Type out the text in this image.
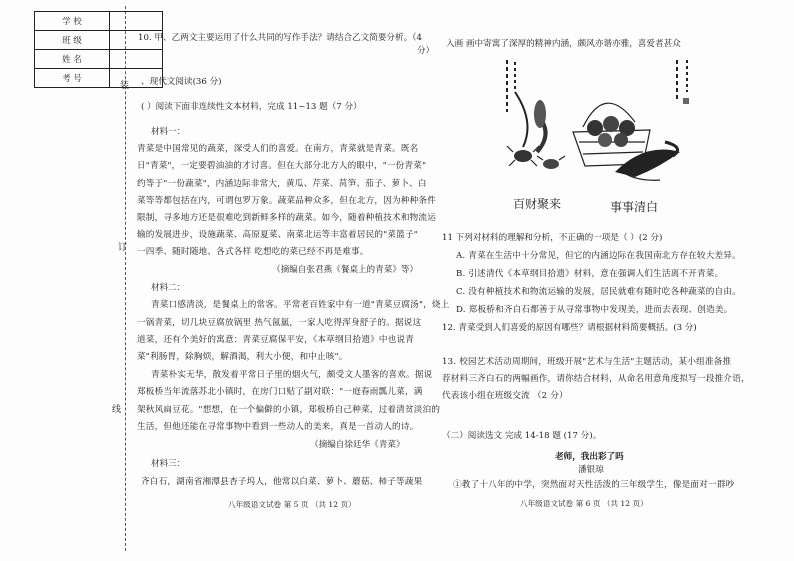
学 校	
班 级	
姓 名	
考 号	
装
订
线
10. 甲、乙两文主要运用了什么共同的写作手法？请结合乙文简要分析。（4
分）
、现代文阅读(36 分)
( ）阅读下面非连续性文本材料，完成 11~13 题（7 分）
材料一：
青菜是中国常见的蔬菜，深受人们的喜爱。在南方，青菜就是青菜。既名
日"青菜"，一定要碧油油的才讨喜。但在大部分北方人的眼中，"一份青菜"
约等于"一份蔬菜"，内涵边际非常大，黄瓜、芹菜、莴笋、茄子、萝卜、白
菜等等都包括在内，可谓包罗万象。蔬菜品种众多，但在北方，因为种种条件
限制，寻多地方还是很难吃到新鲜多样的蔬菜。如今，随着种植技术和物流运
输的发展进步，设施蔬菜、高原夏菜、南菜北运等丰富着居民的"菜篮子"
一四季、随时随地、各式各样 吃想吃的菜已经不再是难事。
（摘编自张君燕《餐桌上的青菜》等）
材料二：
青菜口感清淡，是餐桌上的常客。平常老百姓家中有一道"青菜豆腐汤"，烧上
一锅青菜，切几块豆腐放锅里 热气氤氲，一家人吃得浑身舒子的。据说这
道菜，还有个美好的寓意：青菜豆腐保平安，《本草纲目拾遗》中也说青
菜"利肠胃，除胸烦，解酒渴，利大小便，和中止咳"。
青菜朴实无华，散发着平常日子里的烟火气，颇受文人墨客的喜欢。据说
郑板桥当年流落苏北小镇时，在房门口贴了副对联："一庭春雨瓢儿菜，满
架秋风扁豆花。"想想，在一个偏僻的小镇，郑板桥自己种菜，过着清贫淡泊的
生活，但他还能在寻常事物中看到一些动人的美来，真是一首动人的诗。
（摘编自徐廷华《青菜》
材料三：
齐白石，湖南省湘潭县杏子坞人，他常以白菜、萝卜、蘑菇、柿子等蔬果
八年级语文试卷 第 5 页 （共 12 页）
入画 画中寄寓了深厚的精神内涵，颇风亦谐亦雅，喜爱者甚众
百财聚来	事事清白
11 下列对材料的理解和分析，不正确的一项是（ ）(2 分)
A. 青菜在生活中十分常见，但它的内涵边际在我国南北方存在较大差异。
B. 引述清代《本草纲目拾遗》材料，意在强调人们生活离不开青菜。
C. 没有种植技术和物流运输的发展，居民就难有随时吃各种蔬菜的自由。
D. 郑板桥和齐白石都善于从寻常事物中发现美，进而去表现、创造美。
12. 青菜受到人们喜爱的原因有哪些？请根据材料简要概括。(3 分)
13. 校园艺术活动周期间，班级开展"艺术与生活"主题活动，某小组准备推
荐材料三齐白石的两幅画作，请你结合材料，从命名用意角度拟写一段推介语，
代表该小组在班级交流 （2 分）
（二）阅读选文 完成 14-18 题 (17 分)。
老师，我出彩了吗
潘银琼
①教了十八年的中学，突然面对天性活泼的三年级学生，像是面对一群吵
八年级语文试卷 第 6 页 （共 12 页）
